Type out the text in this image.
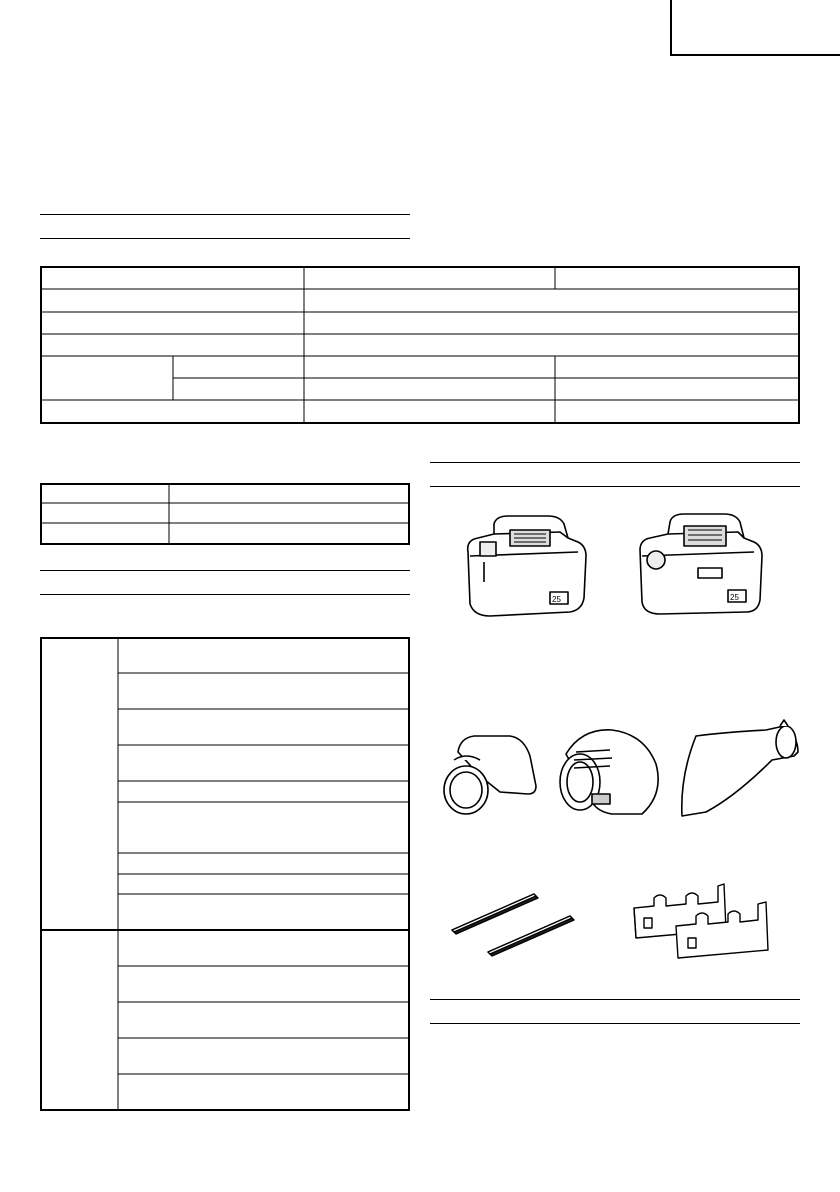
25	25
